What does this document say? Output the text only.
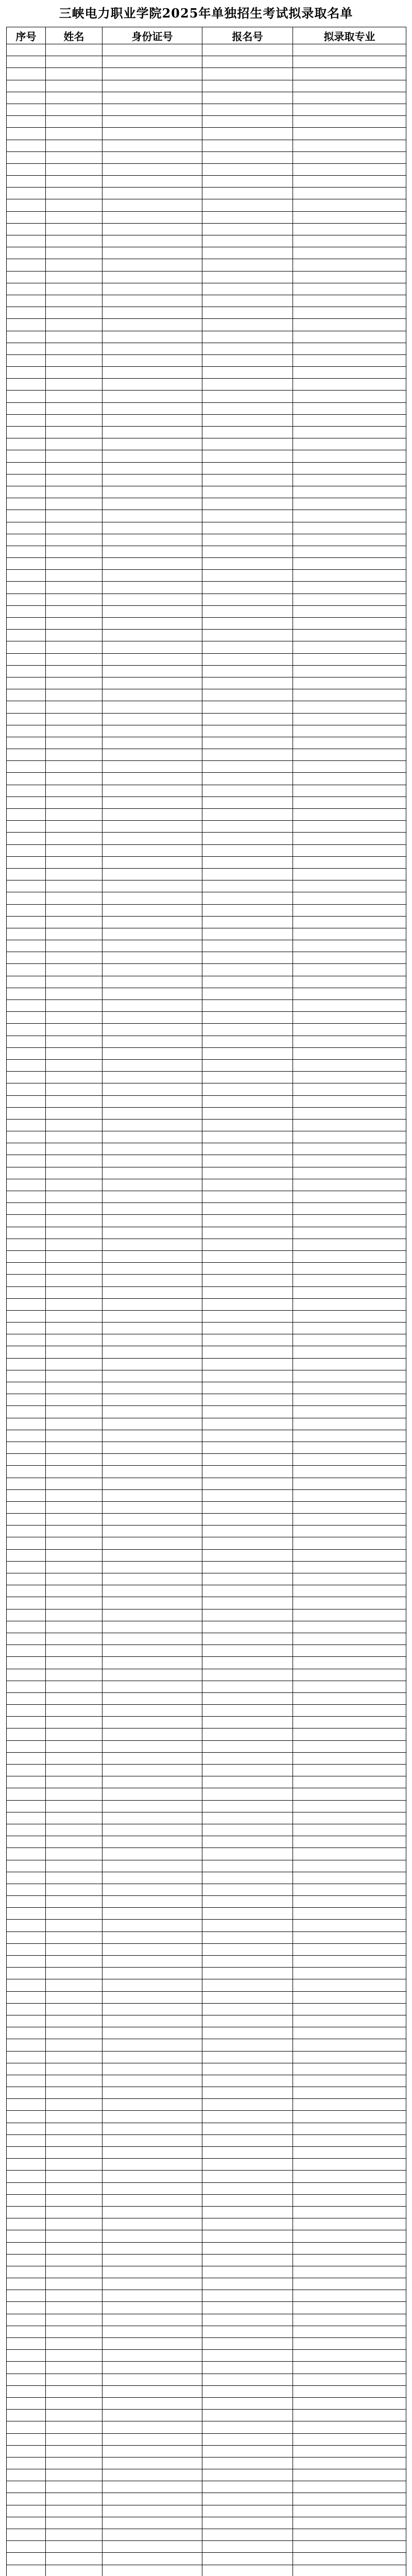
三峡电力职业学院2025年单独招生考试拟录取名单
序号	姓名	身份证号	报名号	拟录取专业
